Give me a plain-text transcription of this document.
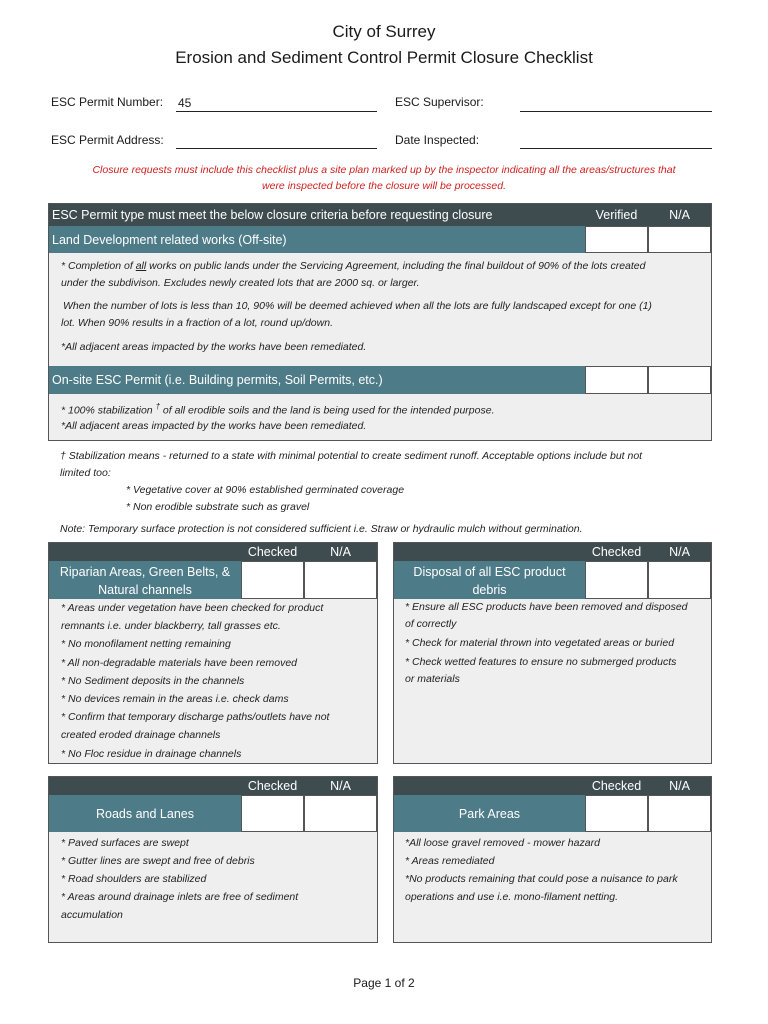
City of Surrey
Erosion and Sediment Control Permit Closure Checklist
ESC Permit Number: 45	ESC Supervisor:
ESC Permit Address:	Date Inspected:
Closure requests must include this checklist plus a site plan marked up by the inspector indicating all the areas/structures that
were inspected before the closure will be processed.
ESC Permit type must meet the below closure criteria before requesting closure	Verified	N/A
Land Development related works (Off-site)
* Completion of all works on public lands under the Servicing Agreement, including the final buildout of 90% of the lots created
under the subdivison. Excludes newly created lots that are 2000 sq. or larger.
When the number of lots is less than 10, 90% will be deemed achieved when all the lots are fully landscaped except for one (1)
lot. When 90% results in a fraction of a lot, round up/down.
*All adjacent areas impacted by the works have been remediated.
On-site ESC Permit (i.e. Building permits, Soil Permits, etc.)
* 100% stabilization † of all erodible soils and the land is being used for the intended purpose.
*All adjacent areas impacted by the works have been remediated.
† Stabilization means - returned to a state with minimal potential to create sediment runoff. Acceptable options include but not
limited too:
* Vegetative cover at 90% established germinated coverage
* Non erodible substrate such as gravel
Note: Temporary surface protection is not considered sufficient i.e. Straw or hydraulic mulch without germination.
Checked	N/A
Riparian Areas, Green Belts, &
Natural channels

* Areas under vegetation have been checked for product

remnants i.e. under blackberry, tall grasses etc.

* No monofilament netting remaining

* All non-degradable materials have been removed

* No Sediment deposits in the channels

* No devices remain in the areas i.e. check dams

* Confirm that temporary discharge paths/outlets have not

created eroded drainage channels

* No Floc residue in drainage channels

Checked	N/A
Disposal of all ESC product
debris

* Ensure all ESC products have been removed and disposed

of correctly

* Check for material thrown into vegetated areas or buried

* Check wetted features to ensure no submerged products

or materials

Checked	N/A
Roads and Lanes

* Paved surfaces are swept

* Gutter lines are swept and free of debris

* Road shoulders are stabilized

* Areas around drainage inlets are free of sediment

accumulation

Checked	N/A
Park Areas

*All loose gravel removed - mower hazard

* Areas remediated

*No products remaining that could pose a nuisance to park

operations and use i.e. mono-filament netting.

Page 1 of 2
